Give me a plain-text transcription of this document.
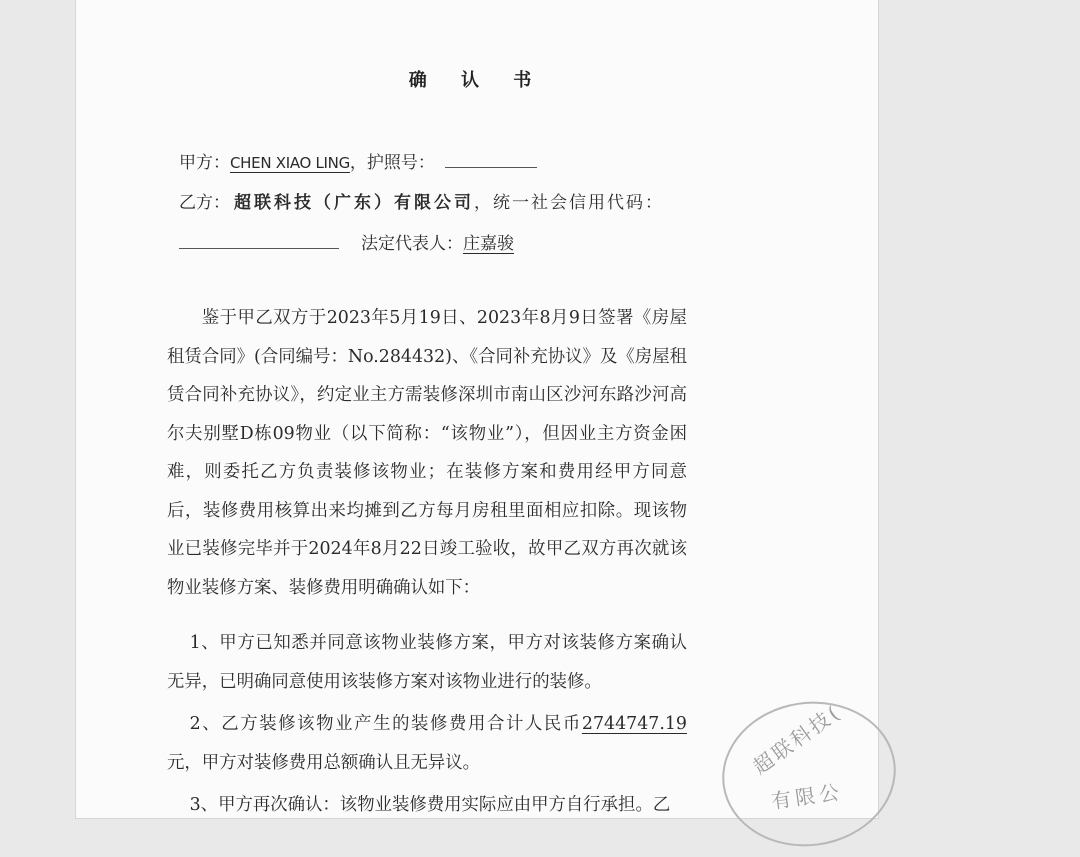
确 认 书
甲方：CHEN XIAO LING，护照号：
乙方： 超联科技（广东）有限公司，统一社会信用代码：
法定代表人：庄嘉骏

鉴于甲乙双方于2023年5月19日、2023年8月9日签署《房屋租赁合同》(合同编号：No.284432)、《合同补充协议》及《房屋租赁合同补充协议》，约定业主方需装修深圳市南山区沙河东路沙河高尔夫别墅D栋09物业（以下简称：“该物业”），但因业主方资金困难，则委托乙方负责装修该物业；在装修方案和费用经甲方同意后，装修费用核算出来均摊到乙方每月房租里面相应扣除。现该物业已装修完毕并于2024年8月22日竣工验收，故甲乙双方再次就该物业装修方案、装修费用明确确认如下：

1、甲方已知悉并同意该物业装修方案，甲方对该装修方案确认无异，已明确同意使用该装修方案对该物业进行的装修。

2、乙方装修该物业产生的装修费用合计人民币2744747.19元，甲方对装修费用总额确认且无异议。

3、甲方再次确认：该物业装修费用实际应由甲方自行承担。乙

超联科技(
有限公
